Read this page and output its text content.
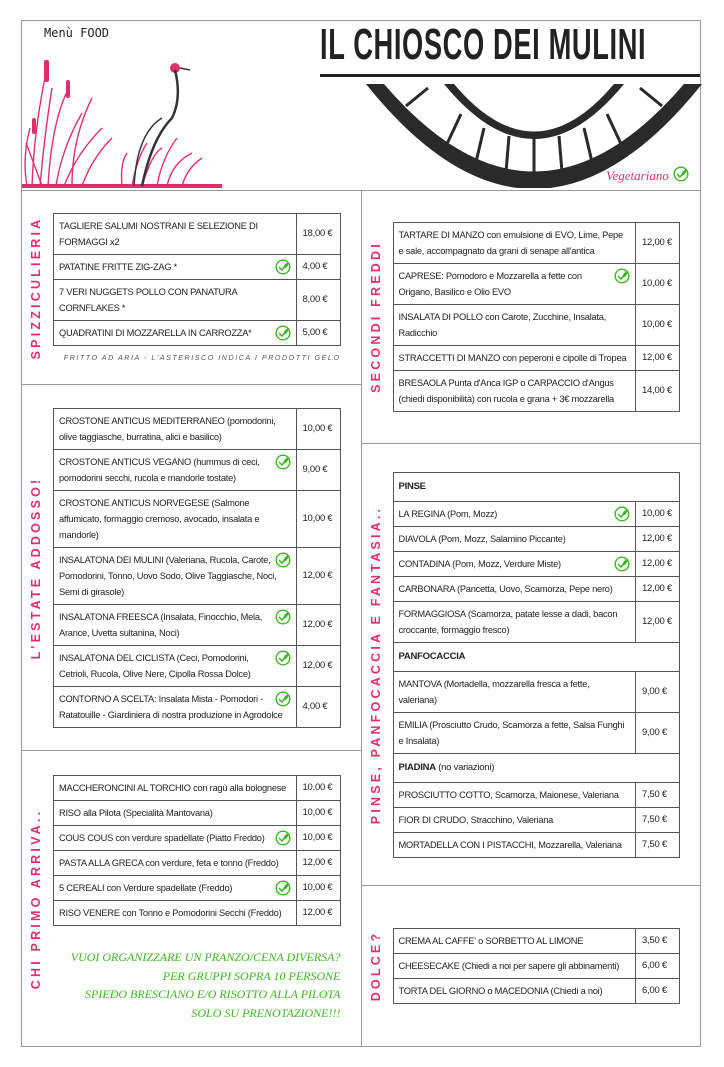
Menù FOOD	IL CHIOSCO DEI MULINI
Vegetariano
SPIZZICULIERIA TAGLIERE SALUMI NOSTRANI E SELEZIONE DI FORMAGGI x2	18,00 €

PATATINE FRITTE ZIG-ZAG *	4,00 €
7 VERI NUGGETS POLLO CON PANATURA CORNFLAKES *	8,00 €

QUADRATINI DI MOZZARELLA IN CARROZZA*	5,00 €
FRITTO AD ARIA - L'ASTERISCO INDICA I PRODOTTI GELO
L'ESTATE ADDOSSO!
CROSTONE ANTICUS MEDITERRANEO (pomodorini, olive taggiasche, burratina, alici e basilico)	10,00 €

CROSTONE ANTICUS VEGANO (hummus di ceci, pomodorini secchi, rucola e mandorle tostate)	9,00 €
CROSTONE ANTICUS NORVEGESE (Salmone affumicato, formaggio cremoso, avocado, insalata e mandorle)	10,00 €

INSALATONA DEI MULINI (Valeriana, Rucola, Carote, Pomodorini, Tonno, Uovo Sodo, Olive Taggiasche, Noci, Semi di girasole)	12,00 €

INSALATONA FREESCA (Insalata, Finocchio, Mela, Arance, Uvetta sultanina, Noci)	12,00 €

INSALATONA DEL CICLISTA (Ceci, Pomodorini, Cetrioli, Rucola, Olive Nere, Cipolla Rossa Dolce)	12,00 €

CONTORNO A SCELTA: Insalata Mista - Pomodori - Ratatouille - Giardiniera di nostra produzione in Agrodolce	4,00 €
CHI PRIMO ARRIVA..
MACCHERONCINI AL TORCHIO con ragù alla bolognese	10,00 €
RISO alla Pilota (Specialità Mantovana)	10,00 €

COUS COUS con verdure spadellate (Piatto Freddo)	10,00 €
PASTA ALLA GRECA con verdure, feta e tonno (Freddo)	12,00 €

5 CEREALI con Verdure spadellate (Freddo)	10,00 €
RISO VENERE con Tonno e Pomodorini Secchi (Freddo)	12,00 €
VUOI ORGANIZZARE UN PRANZO/CENA DIVERSA?
PER GRUPPI SOPRA 10 PERSONE
SPIEDO BRESCIANO E/O RISOTTO ALLA PILOTA
SOLO SU PRENOTAZIONE!!!
SECONDI FREDDI
TARTARE DI MANZO con emulsione di EVO, Lime, Pepe e sale, accompagnato da grani di senape all'antica	12,00 €

CAPRESE: Pomodoro e Mozzarella a fette con Origano, Basilico e Olio EVO	10,00 €
INSALATA DI POLLO con Carote, Zucchine, Insalata, Radicchio	10,00 €
STRACCETTI DI MANZO con peperoni e cipolle di Tropea	12,00 €
BRESAOLA Punta d'Anca IGP o CARPACCIO d'Angus (chiedi disponibilità) con rucola e grana + 3€ mozzarella	14,00 €
PINSE, PANFOCACCIA E FANTASIA..
PINSE	

LA REGINA (Pom, Mozz)	10,00 €
DIAVOLA (Pom, Mozz, Salamino Piccante)	12,00 €

CONTADINA (Pom, Mozz, Verdure Miste)	12,00 €
CARBONARA (Pancetta, Uovo, Scamorza, Pepe nero)	12,00 €
FORMAGGIOSA (Scamorza, patate lesse a dadi, bacon croccante, formaggio fresco)	12,00 €
PANFOCACCIA	
MANTOVA (Mortadella, mozzarella fresca a fette, valeriana)	9,00 €
EMILIA (Prosciutto Crudo, Scamorza a fette, Salsa Funghi e Insalata)	9,00 €
PIADINA (no variazioni)	
PROSCIUTTO COTTO, Scamorza, Maionese, Valeriana	7,50 €
FIOR DI CRUDO, Stracchino, Valeriana	7,50 €
MORTADELLA CON I PISTACCHI, Mozzarella, Valeriana	7,50 €
DOLCE? CREMA AL CAFFE' o SORBETTO AL LIMONE	3,50 €
CHEESECAKE (Chiedi a noi per sapere gli abbinamenti)	6,00 €
TORTA DEL GIORNO o MACEDONIA (Chiedi a noi)	6,00 €
